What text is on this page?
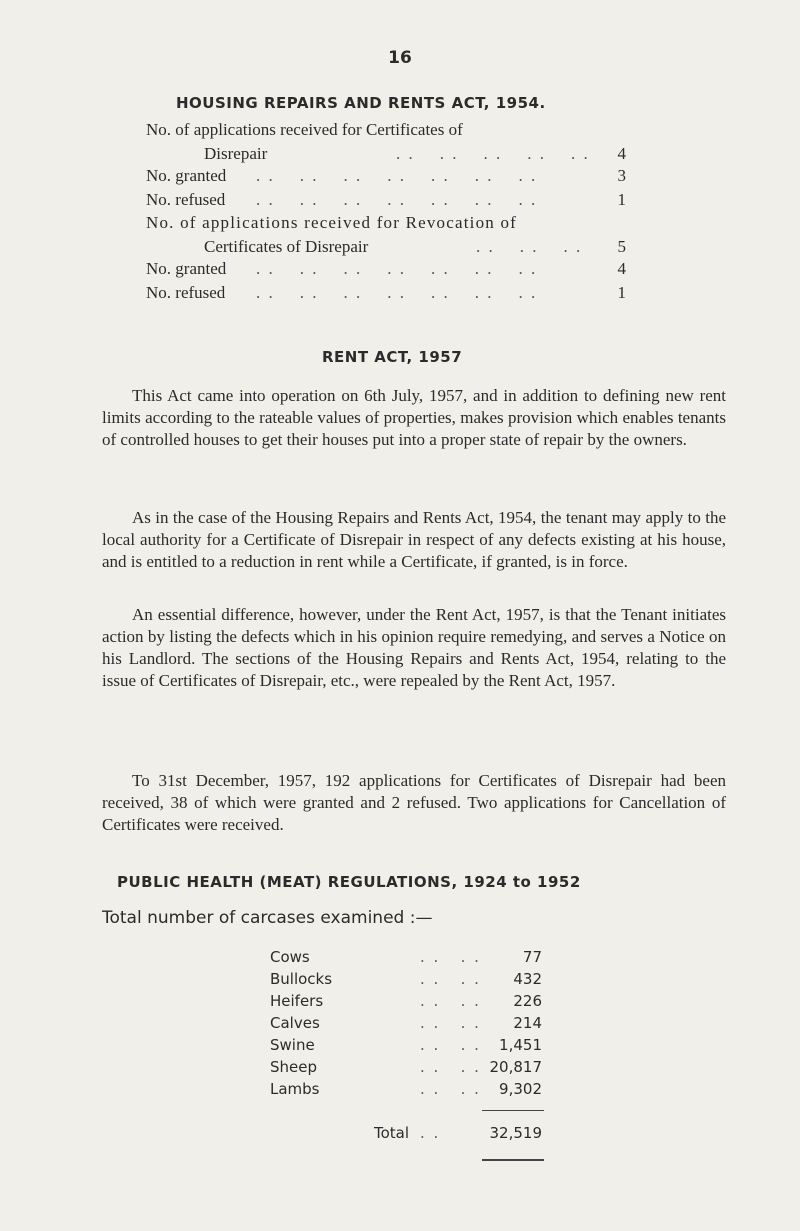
16
HOUSING REPAIRS AND RENTS ACT, 1954.
No. of applications received for Certificates of
Disrepair	. .    . .    . .    . .    . .	4
No. granted . .    . .    . .    . .    . .    . .    . .	3
No. refused . .    . .    . .    . .    . .    . .    . .	1
No. of applications received for Revocation of
Certificates of Disrepair	. .    . .    . .	5
No. granted . .    . .    . .    . .    . .    . .    . .	4
No. refused . .    . .    . .    . .    . .    . .    . .	1
RENT ACT, 1957

This Act came into operation on 6th July, 1957, and in addition to defining new rent limits according to the rateable values of properties, makes provision which enables tenants of controlled houses to get their houses put into a proper state of repair by the owners.

As in the case of the Housing Repairs and Rents Act, 1954, the tenant may apply to the local authority for a Certificate of Disrepair in respect of any defects existing at his house, and is entitled to a reduction in rent while a Certificate, if granted, is in force.

An essential difference, however, under the Rent Act, 1957, is that the Tenant initiates action by listing the defects which in his opinion require remedying, and serves a Notice on his Landlord. The sections of the Housing Repairs and Rents Act, 1954, relating to the issue of Certificates of Disrepair, etc., were repealed by the Rent Act, 1957.

To 31st December, 1957, 192 applications for Certificates of Disrepair had been received, 38 of which were granted and 2 refused. Two applications for Cancellation of Certificates were received.

PUBLIC HEALTH (MEAT) REGULATIONS, 1924 to 1952
Total number of carcases examined :—
Cows	. .   . .	77
Bullocks	. .   . . 432
Heifers	. .   . . 226
Calves	. .   . . 214
Swine	. .   . . 1,451
Sheep	. .   . . 20,817
Lambs	. .   . . 9,302
Total . .	32,519
